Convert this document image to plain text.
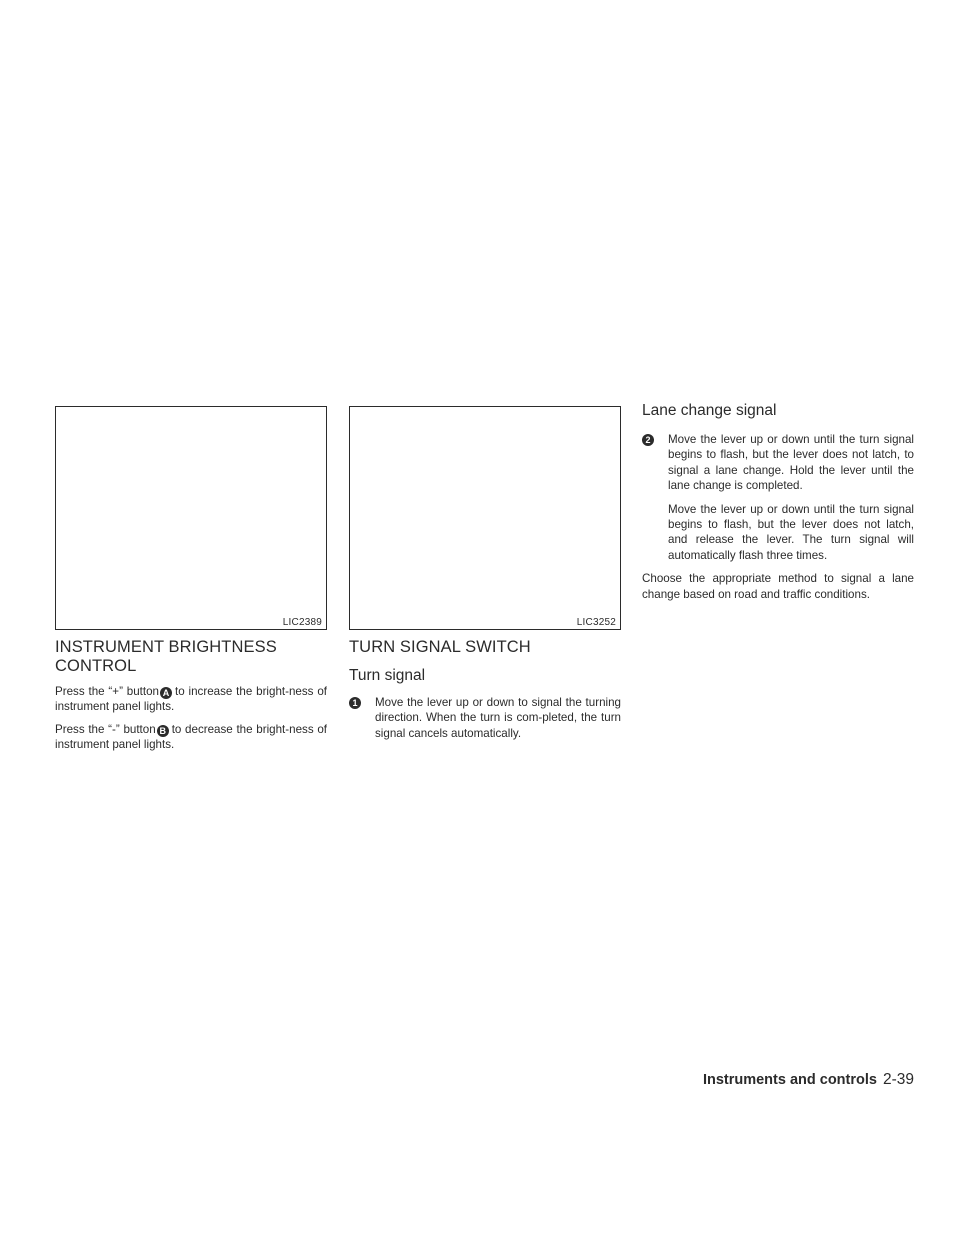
LIC2389
INSTRUMENT BRIGHTNESS CONTROL

Press the “+” button A to increase the bright-ness of instrument panel lights.

Press the “-” button B to decrease the bright-ness of instrument panel lights.

LIC3252
TURN SIGNAL SWITCH
Turn signal
1	Move the lever up or down to signal the turning direction. When the turn is com-pleted, the turn signal cancels automatically.

Lane change signal
2	Move the lever up or down until the turn signal begins to flash, but the lever does not latch, to signal a lane change. Hold the lever until the lane change is completed.

Move the lever up or down until the turn signal begins to flash, but the lever does not latch, and release the lever. The turn signal will automatically flash three times.

Choose the appropriate method to signal a lane change based on road and traffic conditions.

Instruments and controls 2-39
